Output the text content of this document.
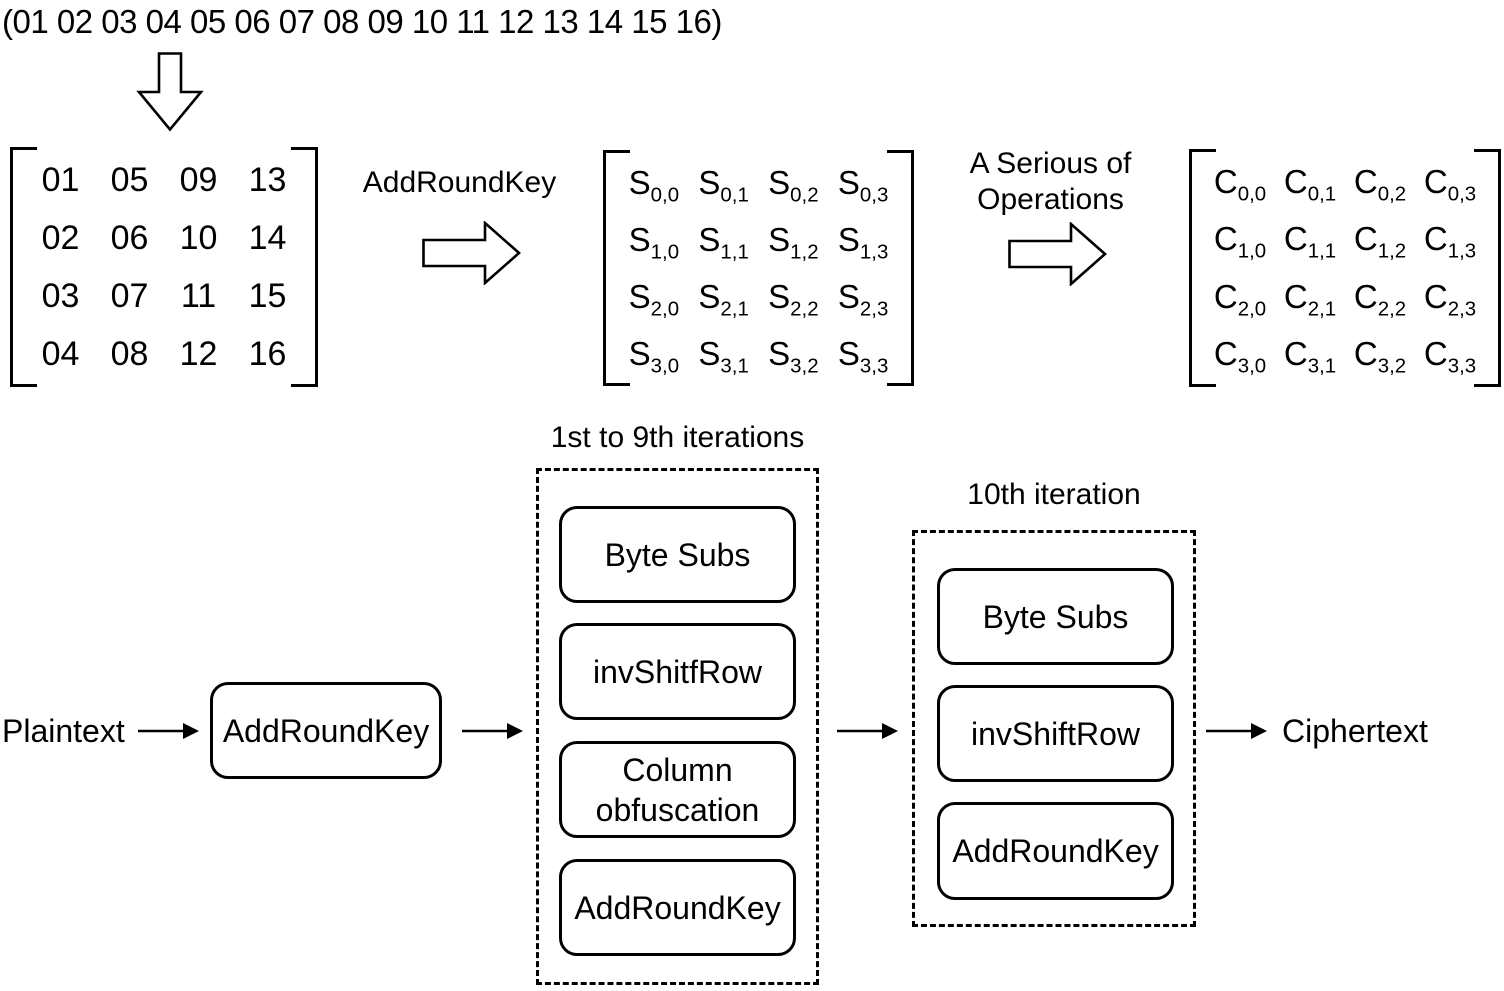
(01 02 03 04 05 06 07 08 09 10 11 12 13 14 15 16)
01 05 09 13
02 06 10 14
03 07 11 15
04 08 12 16
AddRoundKey	$S_{0,0}$ $S_{0,1}$ $S_{0,2}$ $S_{0,3}$
$S_{1,0}$ $S_{1,1}$ $S_{1,2}$ $S_{1,3}$
$S_{2,0}$ $S_{2,1}$ $S_{2,2}$ $S_{2,3}$
$S_{3,0}$ $S_{3,1}$ $S_{3,2}$ $S_{3,3}$
A Serious of
Operations	$C_{0,0}$ $C_{0,1}$ $C_{0,2}$ $C_{0,3}$
$C_{1,0}$ $C_{1,1}$ $C_{1,2}$ $C_{1,3}$
$C_{2,0}$ $C_{2,1}$ $C_{2,2}$ $C_{2,3}$
$C_{3,0}$ $C_{3,1}$ $C_{3,2}$ $C_{3,3}$
Plaintext	AddRoundKey
1st to 9th iterations
Byte Subs
invShitfRow
Column obfuscation
AddRoundKey
10th iteration
Byte Subs
invShiftRow
AddRoundKey
Ciphertext
